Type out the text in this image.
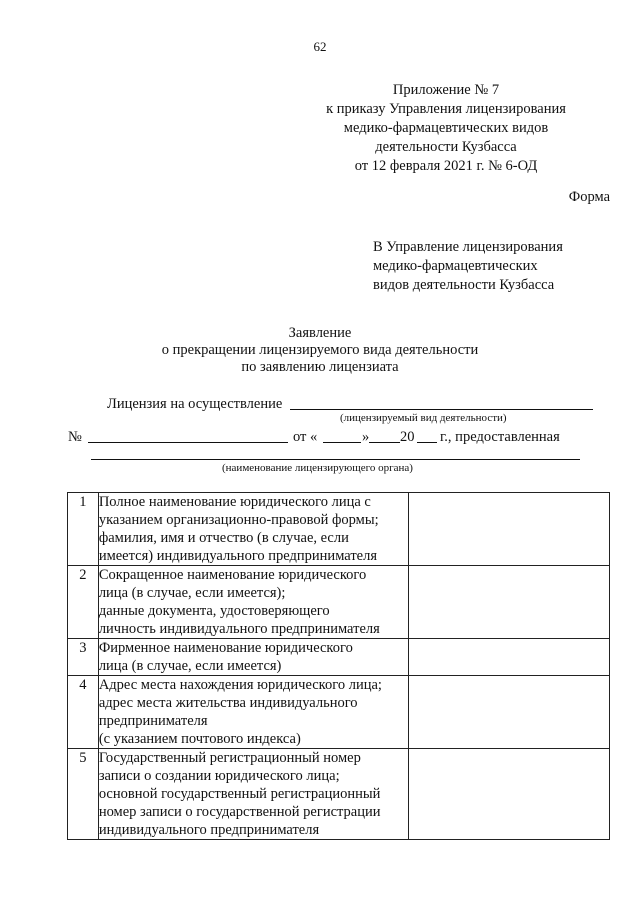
62
Приложение № 7
к приказу Управления лицензирования
медико-фармацевтических видов
деятельности Кузбасса
от 12 февраля 2021 г. № 6-ОД
Форма
В Управление лицензирования
медико-фармацевтических
видов деятельности Кузбасса
Заявление
о прекращении лицензируемого вида деятельности
по заявлению лицензиата
Лицензия на осуществление
(лицензируемый вид деятельности)
№	от «	» 20 г., предоставленная
(наименование лицензирующего органа)
1	Полное наименование юридического лица с
указанием организационно-правовой формы;
фамилия, имя и отчество (в случае, если
имеется) индивидуального предпринимателя	

2	Сокращенное наименование юридического
лица (в случае, если имеется);
данные документа, удостоверяющего
личность индивидуального предпринимателя	

3	Фирменное наименование юридического
лица (в случае, если имеется)	

4	Адрес места нахождения юридического лица;
адрес места жительства индивидуального
предпринимателя
(с указанием почтового индекса)	

5	Государственный регистрационный номер
записи о создании юридического лица;
основной государственный регистрационный
номер записи о государственной регистрации
индивидуального предпринимателя	
